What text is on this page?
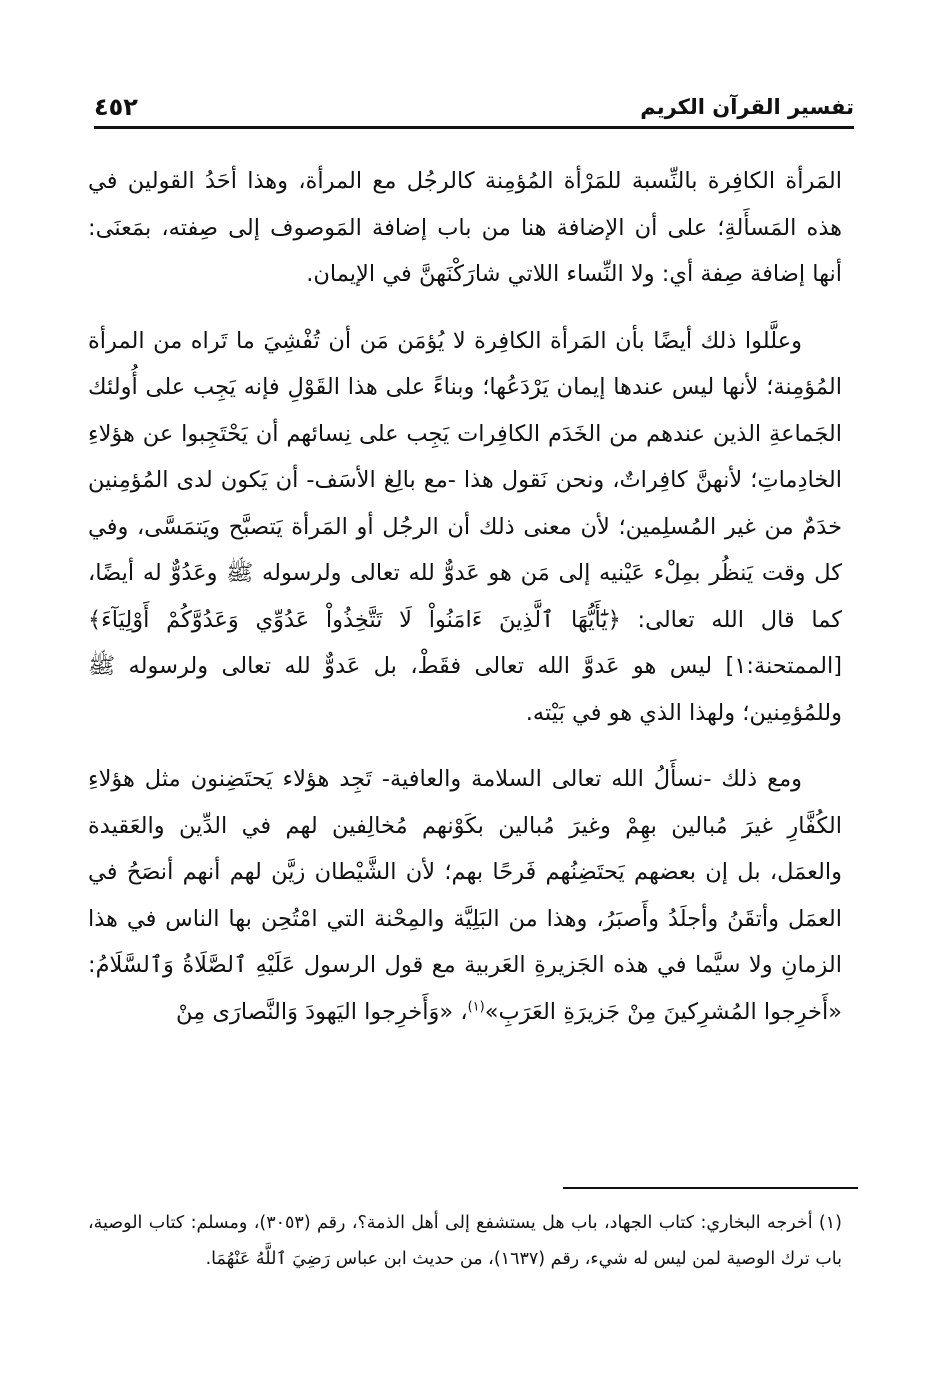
تفسير القرآن الكريم
٤٥٢

المَرأة الكافِرة بالنِّسبة للمَرْأة المُؤمِنة كالرجُل مع المرأة، وهذا أحَدُ القولين في هذه المَسأَلةِ؛ على أن الإضافة هنا من باب إضافة المَوصوف إلى صِفته، بمَعنَى: أنها إضافة صِفة أي: ولا النِّساء اللاتي شارَكْنَهنَّ في الإيمان.

وعلَّلوا ذلك أيضًا بأن المَرأة الكافِرة لا يُؤمَن مَن أن تُفْشِيَ ما تَراه من المرأة المُؤمِنة؛ لأنها ليس عندها إيمان يَرْدَعُها؛ وبناءً على هذا القَوْلِ فإنه يَجِب على أُولئك الجَماعةِ الذين عندهم من الخَدَم الكافِرات يَجِب على نِسائهم أن يَحْتَجِبوا عن هؤلاءِ الخادِماتِ؛ لأنهنَّ كافِراتٌ، ونحن نَقول هذا -مع بالِغ الأسَف- أن يَكون لدى المُؤمِنين خدَمٌ من غير المُسلِمين؛ لأن معنى ذلك أن الرجُل أو المَرأة يَتصبَّح ويَتمَسَّى، وفي كل وقت يَنظُر بمِلْء عَيْنيه إلى مَن هو عَدوٌّ لله تعالى ولرسوله ﷺ وعَدُوٌّ له أيضًا، كما قال الله تعالى: ﴿يَٰٓأَيُّهَا ٱلَّذِينَ ءَامَنُواْ لَا تَتَّخِذُواْ عَدُوِّي وَعَدُوَّكُمْ أَوْلِيَآءَ﴾ [الممتحنة:١] ليس هو عَدوَّ الله تعالى فقَطْ، بل عَدوٌّ لله تعالى ولرسوله ﷺ وللمُؤمِنين؛ ولهذا الذي هو في بَيْته.

ومع ذلك -نسأَلُ الله تعالى السلامة والعافية- تَجِد هؤلاء يَحتَضِنون مثل هؤلاءِ الكُفَّارِ غيرَ مُبالين بهِمْ وغيرَ مُبالين بكَوْنهم مُخالِفين لهم في الدِّين والعَقيدة والعمَل، بل إن بعضهم يَحتَضِنُهم فَرحًا بهم؛ لأن الشَّيْطان زيَّن لهم أنهم أنصَحُ في العمَل وأتقَنُ وأجلَدُ وأَصبَرُ، وهذا من البَلِيَّة والمِحْنة التي امْتُحِن بها الناس في هذا الزمانِ ولا سيَّما في هذه الجَزيرةِ العَربية مع قول الرسول عَلَيْهِ ٱلصَّلَاةُ وَٱلسَّلَامُ: «أَخرِجوا المُشرِكينَ مِنْ جَزيرَةِ العَرَبِ»$^{(١)}$، «وَأَخرِجوا اليَهودَ وَالنَّصارَى مِنْ

(١) أخرجه البخاري: كتاب الجهاد، باب هل يستشفع إلى أهل الذمة؟، رقم (٣٠٥٣)، ومسلم: كتاب الوصية، باب ترك الوصية لمن ليس له شيء، رقم (١٦٣٧)، من حديث ابن عباس رَضِيَ ٱللَّهُ عَنْهُمَا.
